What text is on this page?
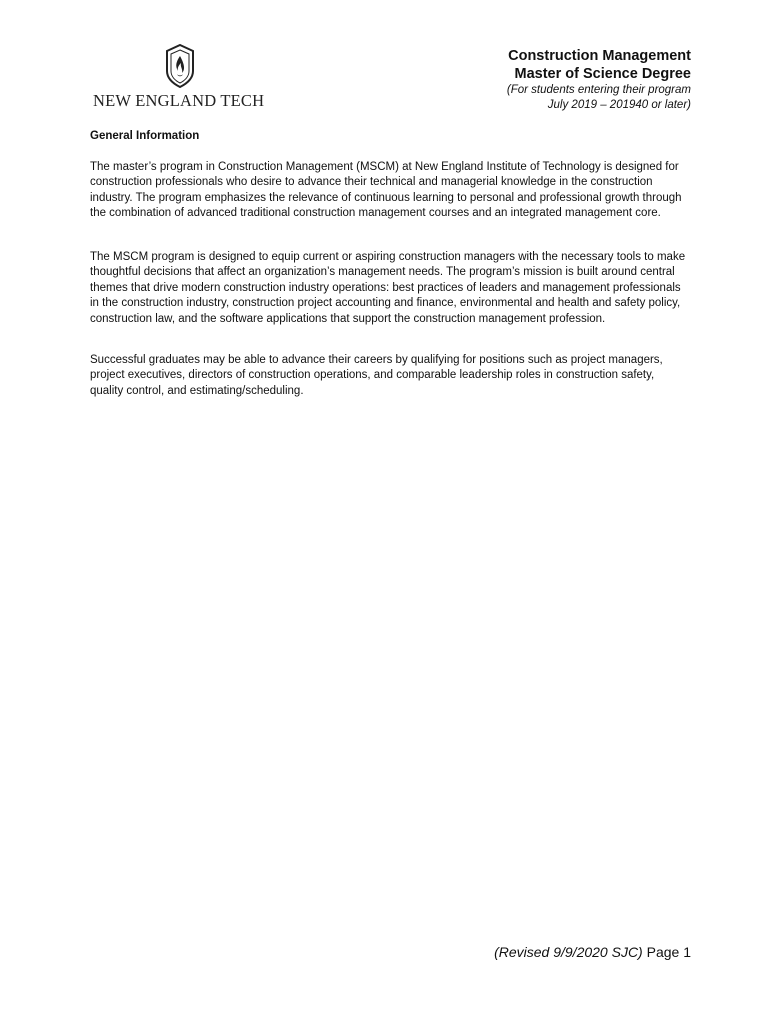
NEW ENGLAND TECH
Construction Management
Master of Science Degree
(For students entering their program
July 2019 – 201940 or later)
General Information

The master’s program in Construction Management (MSCM) at New England Institute of Technology is designed for construction professionals who desire to advance their technical and managerial knowledge in the construction industry. The program emphasizes the relevance of continuous learning to personal and professional growth through the combination of advanced traditional construction management courses and an integrated management core.

The MSCM program is designed to equip current or aspiring construction managers with the necessary tools to make thoughtful decisions that affect an organization’s management needs. The program’s mission is built around central themes that drive modern construction industry operations: best practices of leaders and management professionals in the construction industry, construction project accounting and finance, environmental and health and safety policy, construction law, and the software applications that support the construction management profession.

Successful graduates may be able to advance their careers by qualifying for positions such as project managers, project executives, directors of construction operations, and comparable leadership roles in construction safety, quality control, and estimating/scheduling.

(Revised 9/9/2020 SJC) Page 1
